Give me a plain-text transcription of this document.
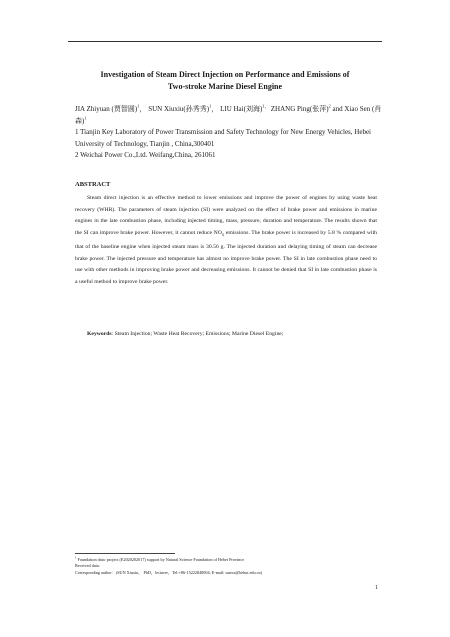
Investigation of Steam Direct Injection on Performance and Emissions of
Two-stroke Marine Diesel Engine
JIA Zhiyuan (贾智圆)$^1$， SUN Xiuxiu(孙秀秀)$^1$， LIU Hai(刘海)$^{1,}$ ZHANG Ping(张萍)$^2$ and Xiao Sen (肖森)$^1$
1 Tianjin Key Laboratory of Power Transmission and Safety Technology for New Energy Vehicles, Hebei University of Technology, Tianjin , China,300401
2 Weichai Power Co.,Ltd. Weifang,China, 261061
ABSTRACT
Steam direct injection is an effective method to lower emissions and improve the power of engines by using waste heat recovery (WHR). The parameters of steam injection (SI) were analyzed on the effect of brake power and emissions in marine engines in the late combustion phase, including injected timing, mass, pressure, duration and temperature. The results shown that the SI can improve brake power. However, it cannot reduce $NO_x$ emissions. The brake power is increased by 5.8 % compared with that of the baseline engine when injected steam mass is 30.56 g. The injected duration and delaying timing of steam can decrease brake power. The injected pressure and temperature has almost no improve brake power. The SI in late combustion phase need to use with other methods in improving brake power and decreasing emissions. It cannot be denied that SI in late combustion phase is a useful method to improve brake power.
Keywords: Steam Injection; Waste Heat Recovery; Emissions; Marine Diesel Engine;
$^1$ Foundation data: project (E2020202017) support by Natural Science Foundation of Hebei Province
Received data:
Corresponding author：(SUN Xiuxiu， PhD，lecturer，Tel:+86-15222840004; E-mail: sunxx@hebut.edu.cn)
1
